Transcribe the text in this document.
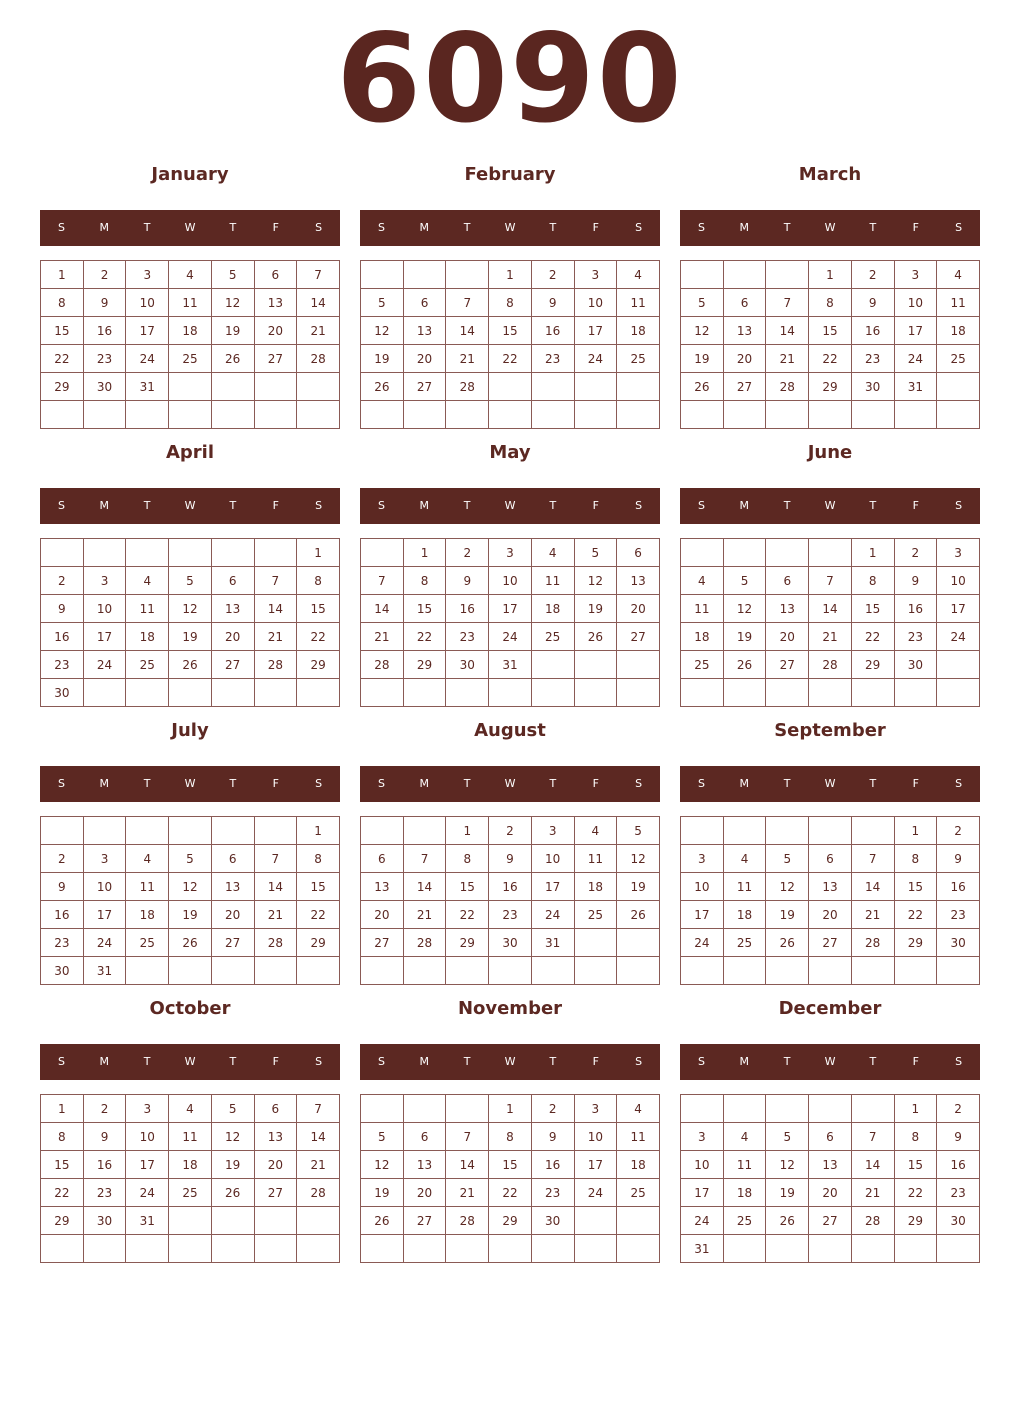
6090
January
S	M	T	W	T	F	S
1	2	3	4	5	6	7
8	9	10	11	12	13	14
15	16	17	18	19	20	21
22	23	24	25	26	27	28
29	30	31				

February
S	M	T	W	T	F	S
			1	2	3	4
5	6	7	8	9	10	11
12	13	14	15	16	17	18
19	20	21	22	23	24	25
26	27	28				

March
S	M	T	W	T	F	S
			1	2	3	4
5	6	7	8	9	10	11
12	13	14	15	16	17	18
19	20	21	22	23	24	25
26	27	28	29	30	31	

April
S	M	T	W	T	F	S
						1
2	3	4	5	6	7	8
9	10	11	12	13	14	15
16	17	18	19	20	21	22
23	24	25	26	27	28	29
30						
May
S	M	T	W	T	F	S
	1	2	3	4	5	6
7	8	9	10	11	12	13
14	15	16	17	18	19	20
21	22	23	24	25	26	27
28	29	30	31			

June
S	M	T	W	T	F	S
				1	2	3
4	5	6	7	8	9	10
11	12	13	14	15	16	17
18	19	20	21	22	23	24
25	26	27	28	29	30	

July
S	M	T	W	T	F	S
						1
2	3	4	5	6	7	8
9	10	11	12	13	14	15
16	17	18	19	20	21	22
23	24	25	26	27	28	29
30	31					
August
S	M	T	W	T	F	S
		1	2	3	4	5
6	7	8	9	10	11	12
13	14	15	16	17	18	19
20	21	22	23	24	25	26
27	28	29	30	31		

September
S	M	T	W	T	F	S
					1	2
3	4	5	6	7	8	9
10	11	12	13	14	15	16
17	18	19	20	21	22	23
24	25	26	27	28	29	30

October
S	M	T	W	T	F	S
1	2	3	4	5	6	7
8	9	10	11	12	13	14
15	16	17	18	19	20	21
22	23	24	25	26	27	28
29	30	31				

November
S	M	T	W	T	F	S
			1	2	3	4
5	6	7	8	9	10	11
12	13	14	15	16	17	18
19	20	21	22	23	24	25
26	27	28	29	30		

December
S	M	T	W	T	F	S
					1	2
3	4	5	6	7	8	9
10	11	12	13	14	15	16
17	18	19	20	21	22	23
24	25	26	27	28	29	30
31						
